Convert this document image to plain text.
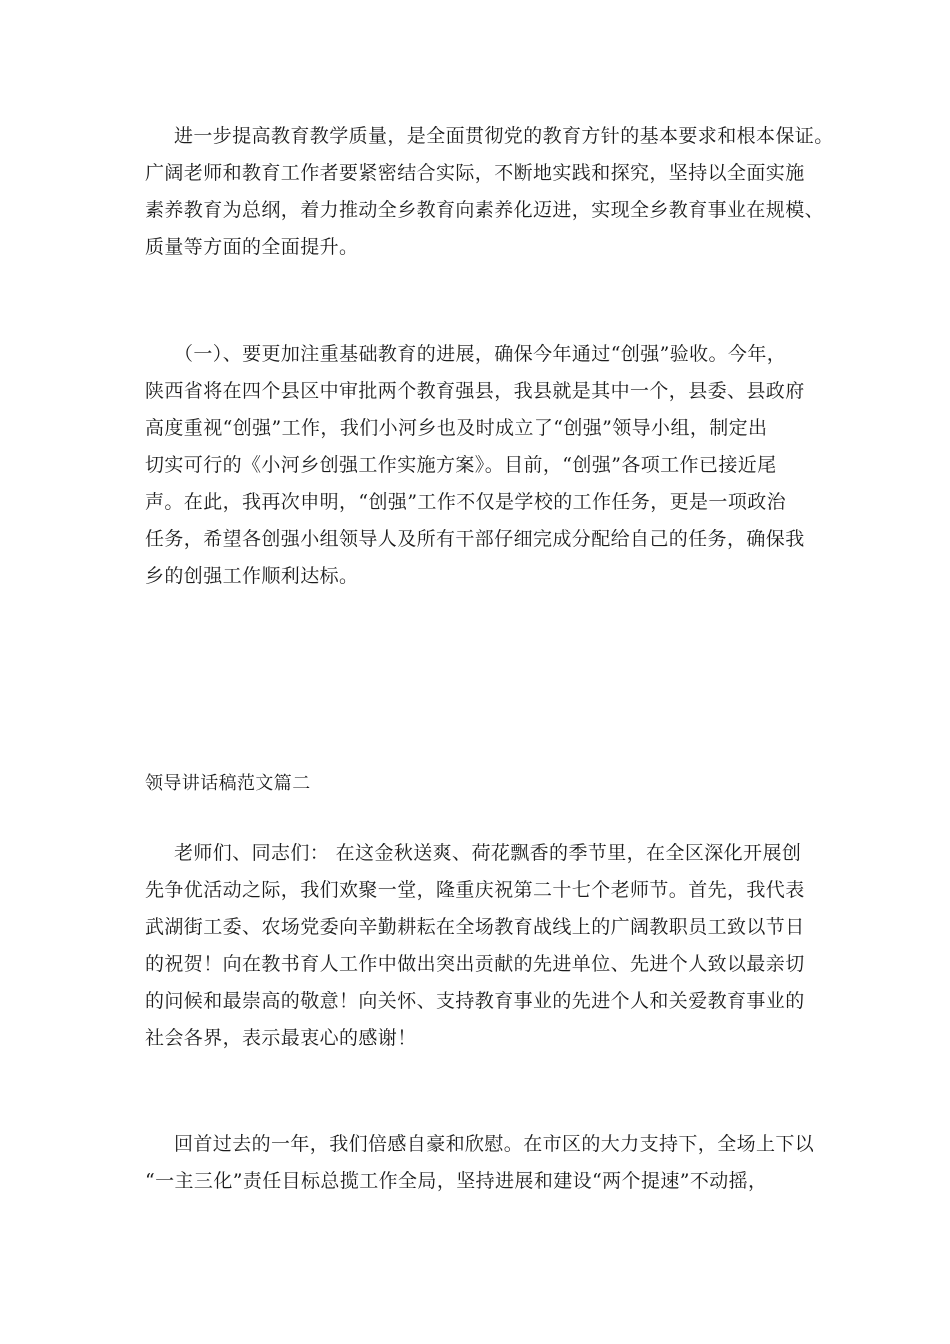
进一步提高教育教学质量，是全面贯彻党的教育方针的基本要求和根本保证。
广阔老师和教育工作者要紧密结合实际，不断地实践和探究，坚持以全面实施
素养教育为总纲，着力推动全乡教育向素养化迈进，实现全乡教育事业在规模、
质量等方面的全面提升。
（一）、要更加注重基础教育的进展，确保今年通过“创强”验收。今年，
陕西省将在四个县区中审批两个教育强县，我县就是其中一个，县委、县政府
高度重视“创强”工作，我们小河乡也及时成立了“创强”领导小组，制定出
切实可行的《小河乡创强工作实施方案》。目前，“创强”各项工作已接近尾
声。在此，我再次申明，“创强”工作不仅是学校的工作任务，更是一项政治
任务，希望各创强小组领导人及所有干部仔细完成分配给自己的任务，确保我
乡的创强工作顺利达标。
领导讲话稿范文篇二
老师们、同志们： 在这金秋送爽、荷花飘香的季节里，在全区深化开展创
先争优活动之际，我们欢聚一堂，隆重庆祝第二十七个老师节。首先，我代表
武湖街工委、农场党委向辛勤耕耘在全场教育战线上的广阔教职员工致以节日
的祝贺！向在教书育人工作中做出突出贡献的先进单位、先进个人致以最亲切
的问候和最崇高的敬意！向关怀、支持教育事业的先进个人和关爱教育事业的
社会各界，表示最衷心的感谢！
回首过去的一年，我们倍感自豪和欣慰。在市区的大力支持下，全场上下以
“一主三化”责任目标总揽工作全局，坚持进展和建设“两个提速”不动摇，
